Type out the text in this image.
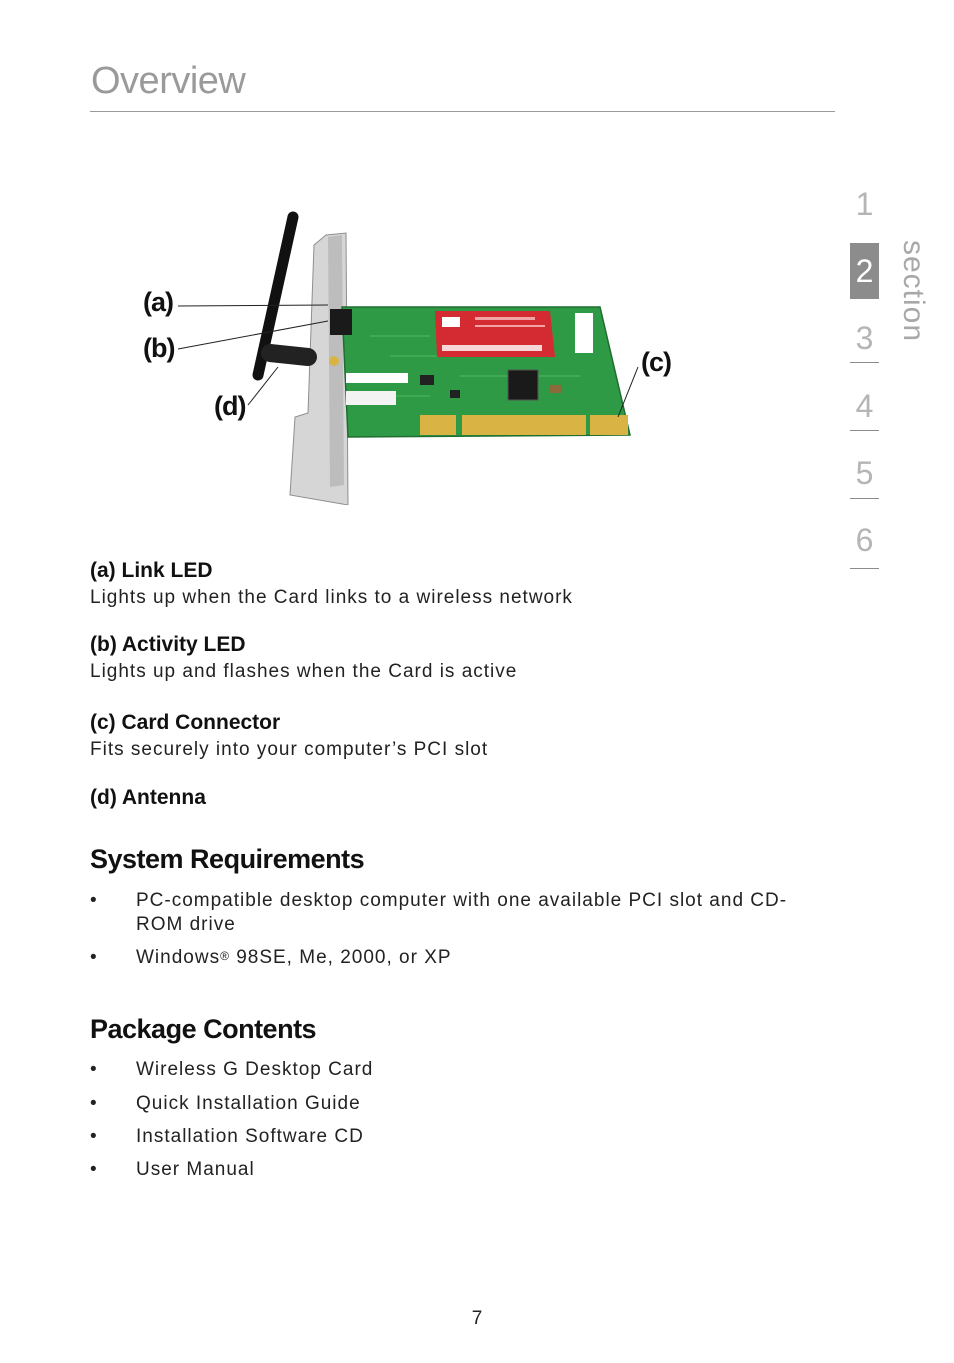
Overview
1
2
3
4
5
6
section
(a)
(b)	(c)
(d)

(a) Link LED

Lights up when the Card links to a wireless network

(b) Activity LED

Lights up and flashes when the Card is active

(c) Card Connector

Fits securely into your computer’s PCI slot

(d) Antenna

System Requirements
• PC-compatible desktop computer with one available PCI slot and CD-ROM drive
• Windows® 98SE, Me, 2000, or XP
Package Contents
• Wireless G Desktop Card
• Quick Installation Guide
• Installation Software CD
• User Manual
7
